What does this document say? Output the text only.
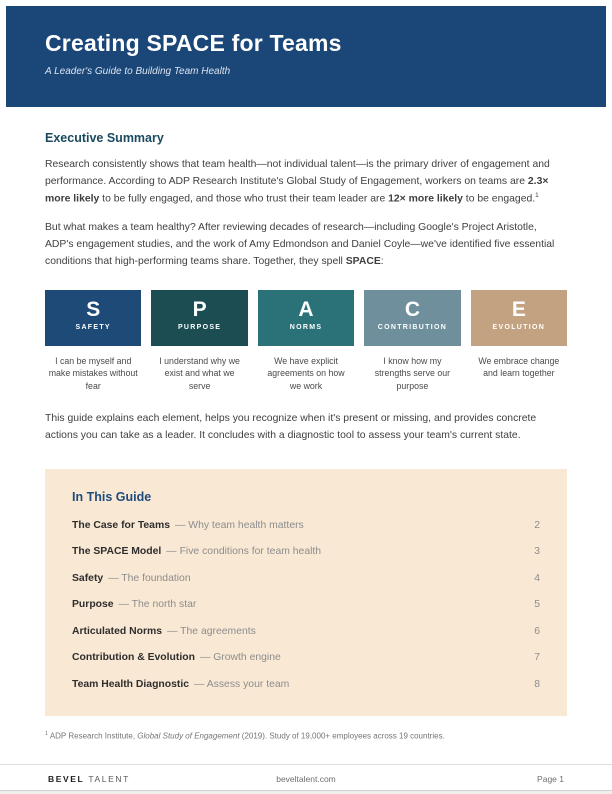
Creating SPACE for Teams
A Leader's Guide to Building Team Health
Executive Summary

Research consistently shows that team health—not individual talent—is the primary driver of engagement and performance. According to ADP Research Institute's Global Study of Engagement, workers on teams are 2.3× more likely to be fully engaged, and those who trust their team leader are 12× more likely to be engaged.$^1$

But what makes a team healthy? After reviewing decades of research—including Google's Project Aristotle, ADP's engagement studies, and the work of Amy Edmondson and Daniel Coyle—we've identified five essential conditions that high-performing teams share. Together, they spell SPACE:

S
SAFETY
P
PURPOSE
A
NORMS
C
CONTRIBUTION
E
EVOLUTION
I can be myself and make mistakes without fear
I understand why we exist and what we serve
We have explicit agreements on how we work
I know how my strengths serve our purpose
We embrace change and learn together

This guide explains each element, helps you recognize when it's present or missing, and provides concrete actions you can take as a leader. It concludes with a diagnostic tool to assess your team's current state.

In This Guide
The Case for Teams — Why team health matters	2
The SPACE Model — Five conditions for team health	3
Safety — The foundation	4
Purpose — The north star	5
Articulated Norms — The agreements	6
Contribution & Evolution — Growth engine	7
Team Health Diagnostic — Assess your team	8

$^1$ ADP Research Institute, Global Study of Engagement (2019). Study of 19,000+ employees across 19 countries.

BEVEL TALENT	beveltalent.com	Page 1
